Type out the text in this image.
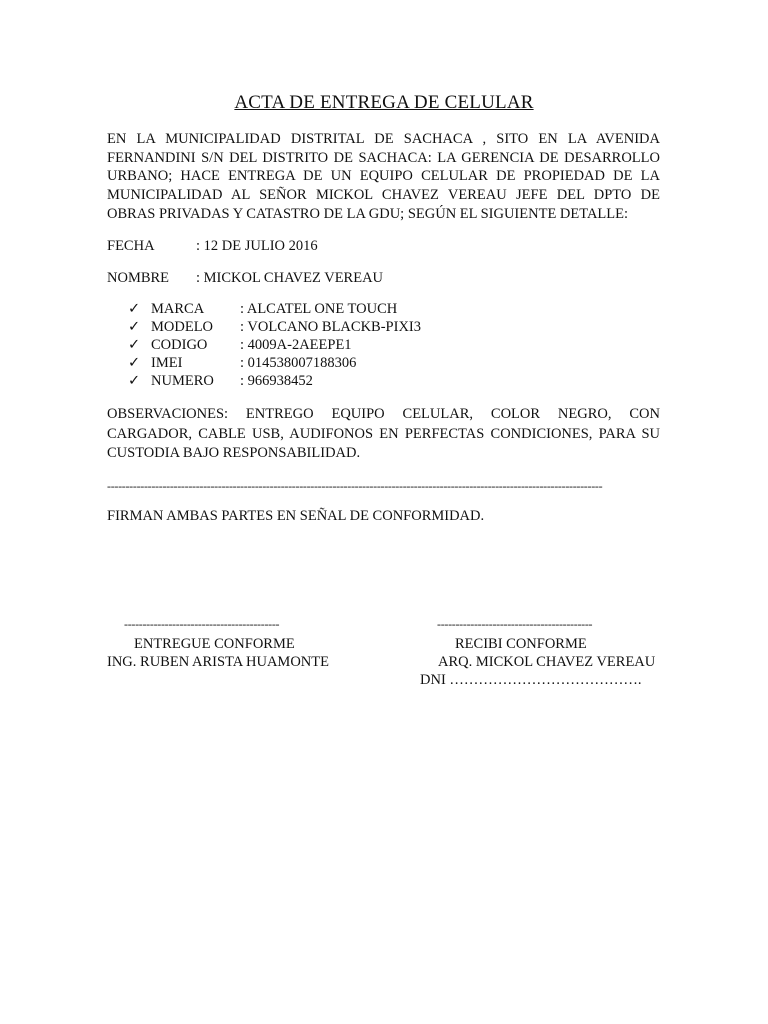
ACTA DE ENTREGA DE CELULAR

EN LA MUNICIPALIDAD DISTRITAL DE SACHACA , SITO EN LA AVENIDA FERNANDINI S/N DEL DISTRITO DE SACHACA: LA GERENCIA DE DESARROLLO URBANO; HACE ENTREGA DE UN EQUIPO CELULAR DE PROPIEDAD DE LA MUNICIPALIDAD AL SEÑOR MICKOL CHAVEZ VEREAU JEFE DEL DPTO DE OBRAS PRIVADAS Y CATASTRO DE LA GDU; SEGÚN EL SIGUIENTE DETALLE:

FECHA	: 12 DE JULIO 2016
NOMBRE : MICKOL CHAVEZ VEREAU
✓ MARCA : ALCATEL ONE TOUCH
✓ MODELO : VOLCANO BLACKB-PIXI3
✓ CODIGO : 4009A-2AEEPE1
✓ IMEI	: 014538007188306
✓ NUMERO : 966938452

OBSERVACIONES: ENTREGO EQUIPO CELULAR, COLOR NEGRO, CON CARGADOR, CABLE USB, AUDIFONOS EN PERFECTAS CONDICIONES, PARA SU CUSTODIA BAJO RESPONSABILIDAD.

--------------------------------------------------------------------------------------------------------------------------------------
FIRMAN AMBAS PARTES EN SEÑAL DE CONFORMIDAD.
------------------------------------------	------------------------------------------
ENTREGUE CONFORME
ING. RUBEN ARISTA HUAMONTE
RECIBI CONFORME
ARQ. MICKOL CHAVEZ VEREAU
DNI ………………………………….
